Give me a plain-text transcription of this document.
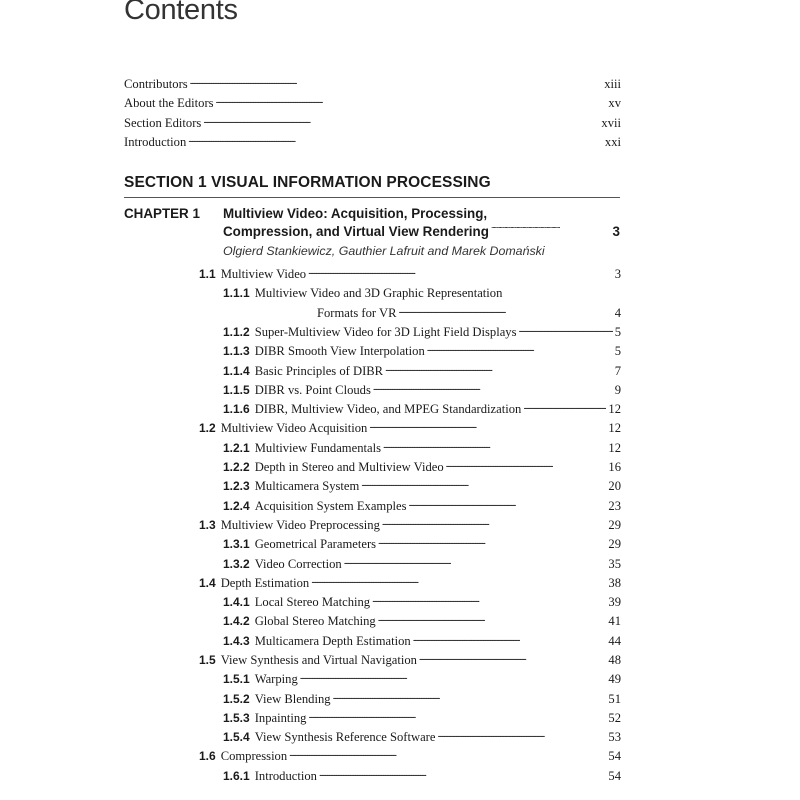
Contents
Contributors . . .	xiii
About the Editors . . .	xv
Section Editors . . .	xvii
Introduction . . .	xxi
SECTION 1 VISUAL INFORMATION PROCESSING
CHAPTER 1 Multiview Video: Acquisition, Processing,
Compression, and Virtual View Rendering . . .	3
Olgierd Stankiewicz, Gauthier Lafruit and Marek Domański
1.1 Multiview Video . . .	3
1.1.1 Multiview Video and 3D Graphic Representation
Formats for VR . . .	4
1.1.2 Super-Multiview Video for 3D Light Field Displays . . .	5
1.1.3 DIBR Smooth View Interpolation . . .	5
1.1.4 Basic Principles of DIBR . . .	7
1.1.5 DIBR vs. Point Clouds . . .	9
1.1.6 DIBR, Multiview Video, and MPEG Standardization . . .	12
1.2 Multiview Video Acquisition . . .	12
1.2.1 Multiview Fundamentals . . .	12
1.2.2 Depth in Stereo and Multiview Video . . .	16
1.2.3 Multicamera System . . .	20
1.2.4 Acquisition System Examples . . .	23
1.3 Multiview Video Preprocessing . . .	29
1.3.1 Geometrical Parameters . . .	29
1.3.2 Video Correction . . .	35
1.4 Depth Estimation . . .	38
1.4.1 Local Stereo Matching . . .	39
1.4.2 Global Stereo Matching . . .	41
1.4.3 Multicamera Depth Estimation . . .	44
1.5 View Synthesis and Virtual Navigation . . .	48
1.5.1 Warping . . .	49
1.5.2 View Blending . . .	51
1.5.3 Inpainting . . .	52
1.5.4 View Synthesis Reference Software . . .	53
1.6 Compression . . .	54
1.6.1 Introduction . . .	54
